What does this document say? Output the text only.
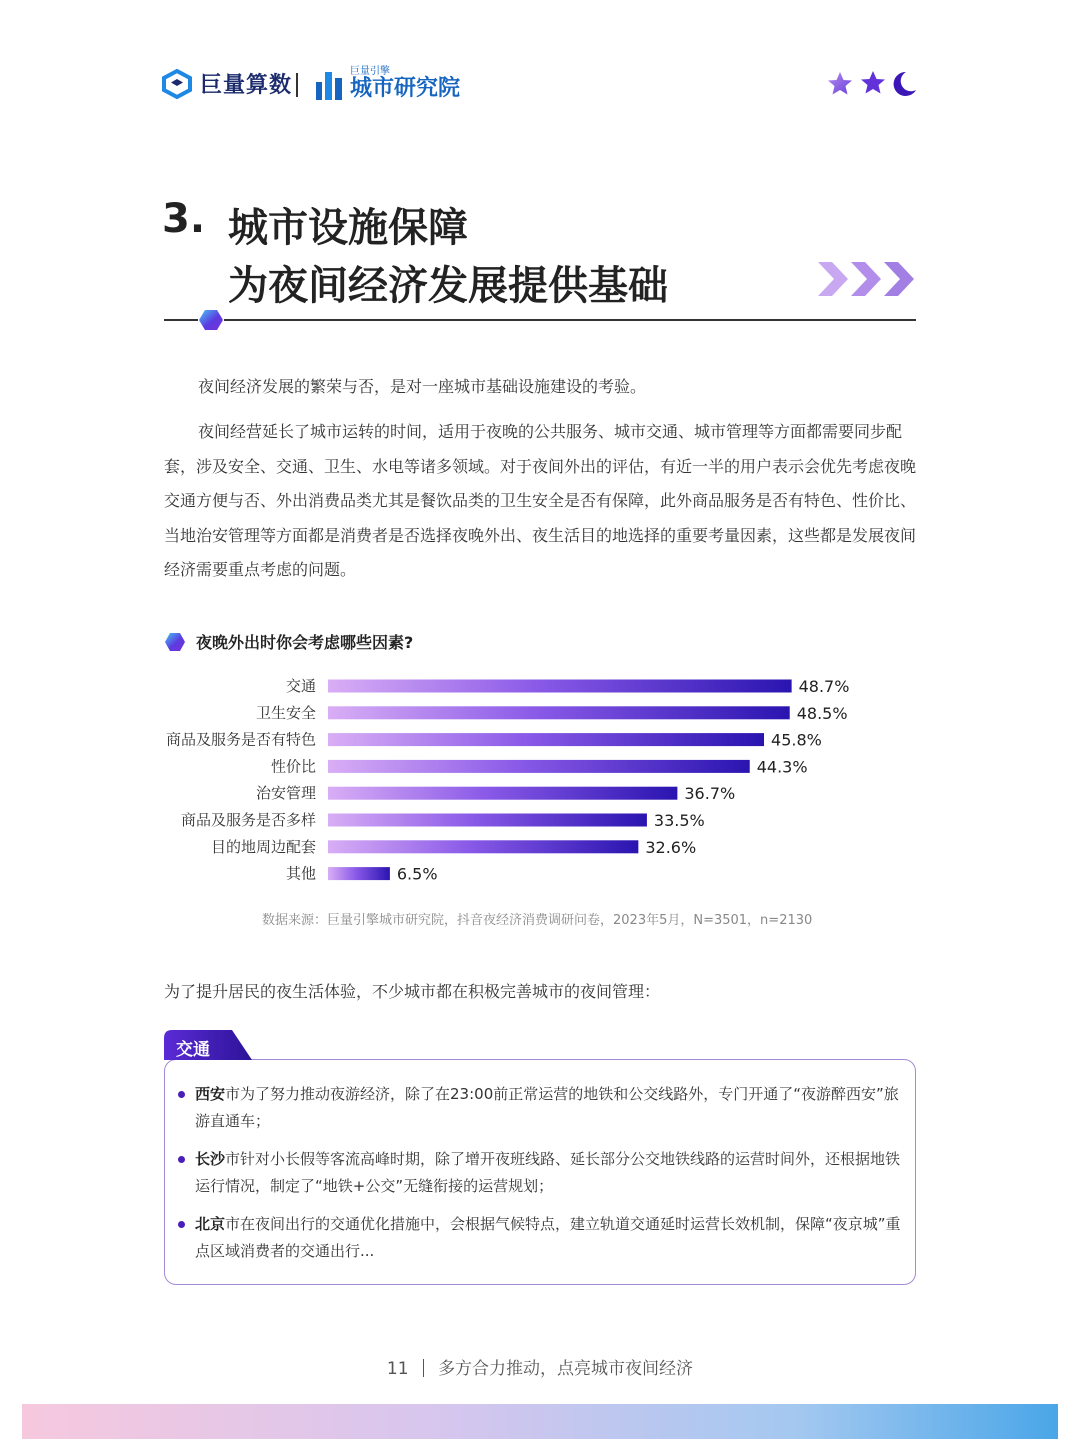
巨量算数
巨量引擎
城市研究院
3. 城市设施保障
为夜间经济发展提供基础

夜间经济发展的繁荣与否，是对一座城市基础设施建设的考验。

夜间经营延长了城市运转的时间，适用于夜晚的公共服务、城市交通、城市管理等方面都需要同步配套，涉及安全、交通、卫生、水电等诸多领域。对于夜间外出的评估，有近一半的用户表示会优先考虑夜晚交通方便与否、外出消费品类尤其是餐饮品类的卫生安全是否有保障，此外商品服务是否有特色、性价比、当地治安管理等方面都是消费者是否选择夜晚外出、夜生活目的地选择的重要考量因素，这些都是发展夜间经济需要重点考虑的问题。

夜晚外出时你会考虑哪些因素?
交通	48.7%
卫生安全	48.5%
商品及服务是否有特色	45.8%
性价比	44.3%
治安管理	36.7%
商品及服务是否多样	33.5%
目的地周边配套	32.6%
其他	6.5%
数据来源：巨量引擎城市研究院，抖音夜经济消费调研问卷，2023年5月，N=3501，n=2130
为了提升居民的夜生活体验，不少城市都在积极完善城市的夜间管理：
交通
西安市为了努力推动夜游经济，除了在23:00前正常运营的地铁和公交线路外，专门开通了“夜游醉西安”旅游直通车；
长沙市针对小长假等客流高峰时期，除了增开夜班线路、延长部分公交地铁线路的运营时间外，还根据地铁运行情况，制定了“地铁+公交”无缝衔接的运营规划；
北京市在夜间出行的交通优化措施中，会根据气候特点，建立轨道交通延时运营长效机制，保障“夜京城”重点区域消费者的交通出行...
11 多方合力推动，点亮城市夜间经济
